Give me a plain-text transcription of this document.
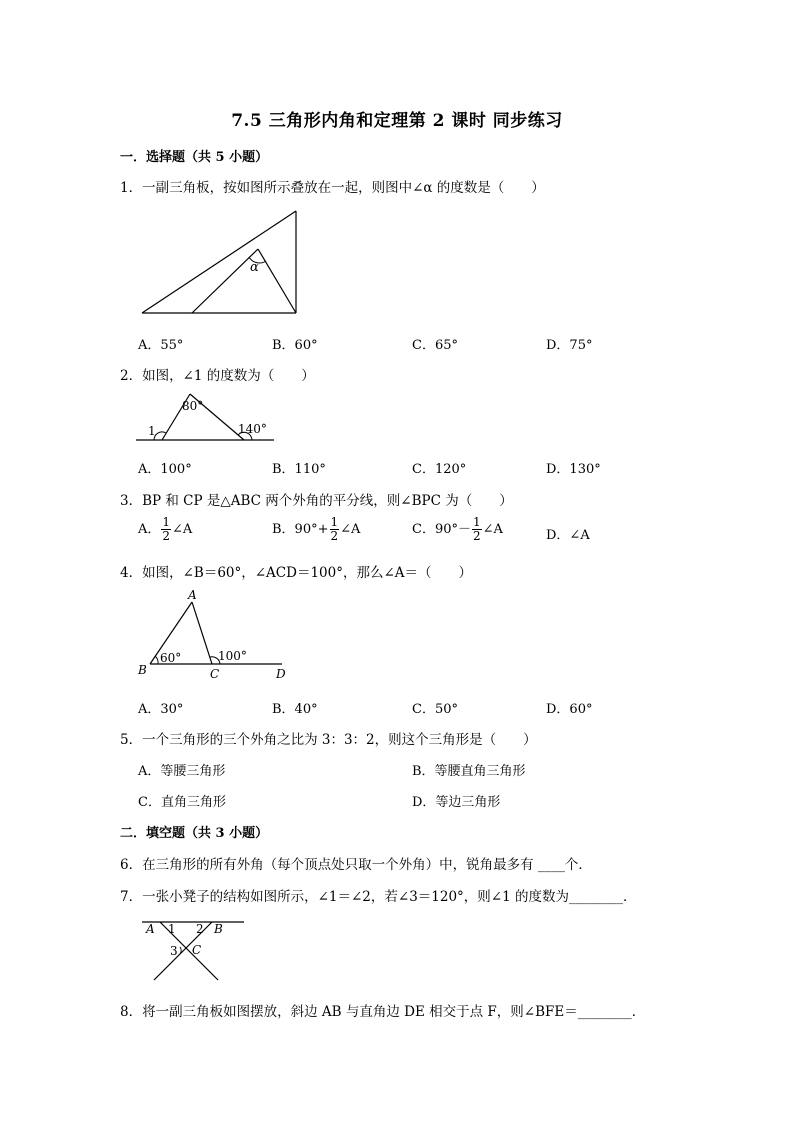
7.5 三角形内角和定理第 2 课时 同步练习
一．选择题（共 5 小题）
1．一副三角板，按如图所示叠放在一起，则图中∠α 的度数是（　　）
α
A．55°	B．60°	C．65°	D．75°
2．如图，∠1 的度数为（　　）
80°
1	140°
A．100°	B．110°	C．120°	D．130°
3．BP 和 CP 是△ABC 两个外角的平分线，则∠BPC 为（　　）
A． $\frac{1}{2}$ ∠A	B．$90^\circ+ \frac{1}{2}$ ∠A	C．$90^\circ- \frac{1}{2}$ ∠A	D．∠A
4．如图，∠B＝60°，∠ACD＝100°，那么∠A＝（　　）
A
B	C	D
60°	100°
A．30°	B．40°	C．50°	D．60°
5．一个三角形的三个外角之比为 3：3：2，则这个三角形是（　　）
A．等腰三角形	B．等腰直角三角形
C．直角三角形	D．等边三角形
二．填空题（共 3 小题）
6．在三角形的所有外角（每个顶点处只取一个外角）中，锐角最多有 ____个．
7．一张小凳子的结构如图所示，∠1＝∠2，若∠3＝120°，则∠1 的度数为________．
A 1 2 B
3 C
8．将一副三角板如图摆放，斜边 AB 与直角边 DE 相交于点 F，则∠BFE＝________．
